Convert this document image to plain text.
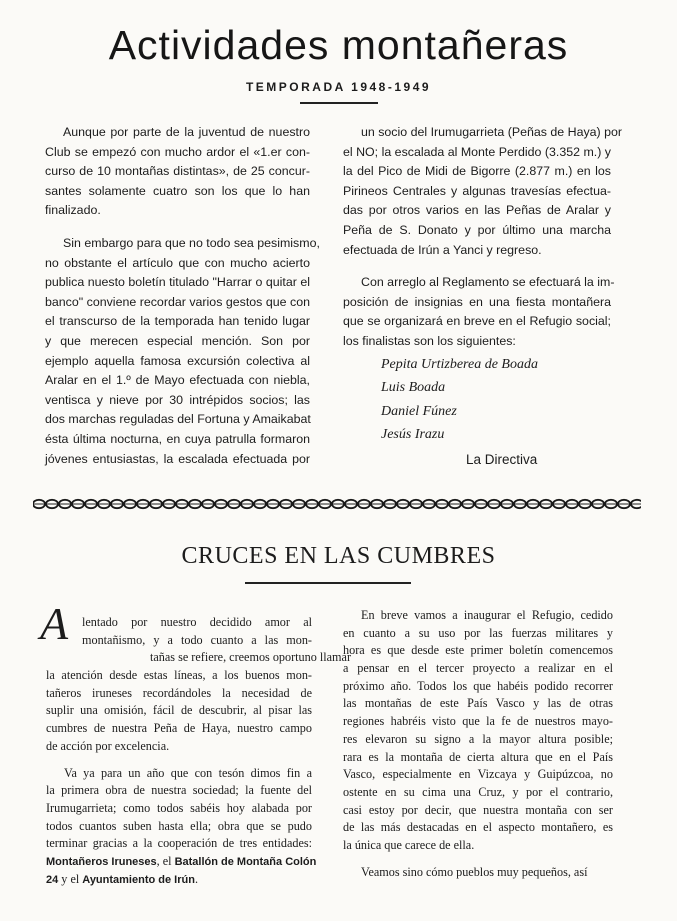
Actividades montañeras
TEMPORADA 1948-1949
Aunque por parte de la juventud de nuestro
Club se empezó con mucho ardor el «1.er con-
curso de 10 montañas distintas», de 25 concur-
santes solamente cuatro son los que lo han
finalizado.
Sin embargo para que no todo sea pesimismo,
no obstante el artículo que con mucho acierto
publica nuesto boletín titulado "Harrar o quitar el
banco" conviene recordar varios gestos que con
el transcurso de la temporada han tenido lugar
y que merecen especial mención. Son por
ejemplo aquella famosa excursión colectiva al
Aralar en el 1.º de Mayo efectuada con niebla,
ventisca y nieve por 30 intrépidos socios; las
dos marchas reguladas del Fortuna y Amaikabat
ésta última nocturna, en cuya patrulla formaron
jóvenes entusiastas, la escalada efectuada por
un socio del Irumugarrieta (Peñas de Haya) por
el NO; la escalada al Monte Perdido (3.352 m.) y
la del Pico de Midi de Bigorre (2.877 m.) en los
Pirineos Centrales y algunas travesías efectua-
das por otros varios en las Peñas de Aralar y
Peña de S. Donato y por último una marcha
efectuada de Irún a Yanci y regreso.
Con arreglo al Reglamento se efectuará la im-
posición de insignias en una fiesta montañera
que se organizará en breve en el Refugio social;
los finalistas son los siguientes:
Pepita Urtizberea de Boada
Luis Boada
Daniel Fúnez
Jesús Irazu
La Directiva
CRUCES EN LAS CUMBRES
A lentado por nuestro decidido amor al
montañismo, y a todo cuanto a las mon-
tañas se refiere, creemos oportuno llamar
la atención desde estas líneas, a los buenos mon-
tañeros iruneses recordándoles la necesidad de
suplir una omisión, fácil de descubrir, al pisar las
cumbres de nuestra Peña de Haya, nuestro campo
de acción por excelencia.
Va ya para un año que con tesón dimos fin a
la primera obra de nuestra sociedad; la fuente del
Irumugarrieta; como todos sabéis hoy alabada por
todos cuantos suben hasta ella; obra que se pudo
terminar gracias a la cooperación de tres entidades:
Montañeros Iruneses, el Batallón de Montaña Colón
24 y el Ayuntamiento de Irún.
En breve vamos a inaugurar el Refugio, cedido
en cuanto a su uso por las fuerzas militares y
hora es que desde este primer boletín comencemos
a pensar en el tercer proyecto a realizar en el
próximo año. Todos los que habéis podido recorrer
las montañas de este País Vasco y las de otras
regiones habréis visto que la fe de nuestros mayo-
res elevaron su signo a la mayor altura posible;
rara es la montaña de cierta altura que en el País
Vasco, especialmente en Vizcaya y Guipúzcoa, no
ostente en su cima una Cruz, y por el contrario,
casi estoy por decir, que nuestra montaña con ser
de las más destacadas en el aspecto montañero, es
la única que carece de ella.
Veamos sino cómo pueblos muy pequeños, así
